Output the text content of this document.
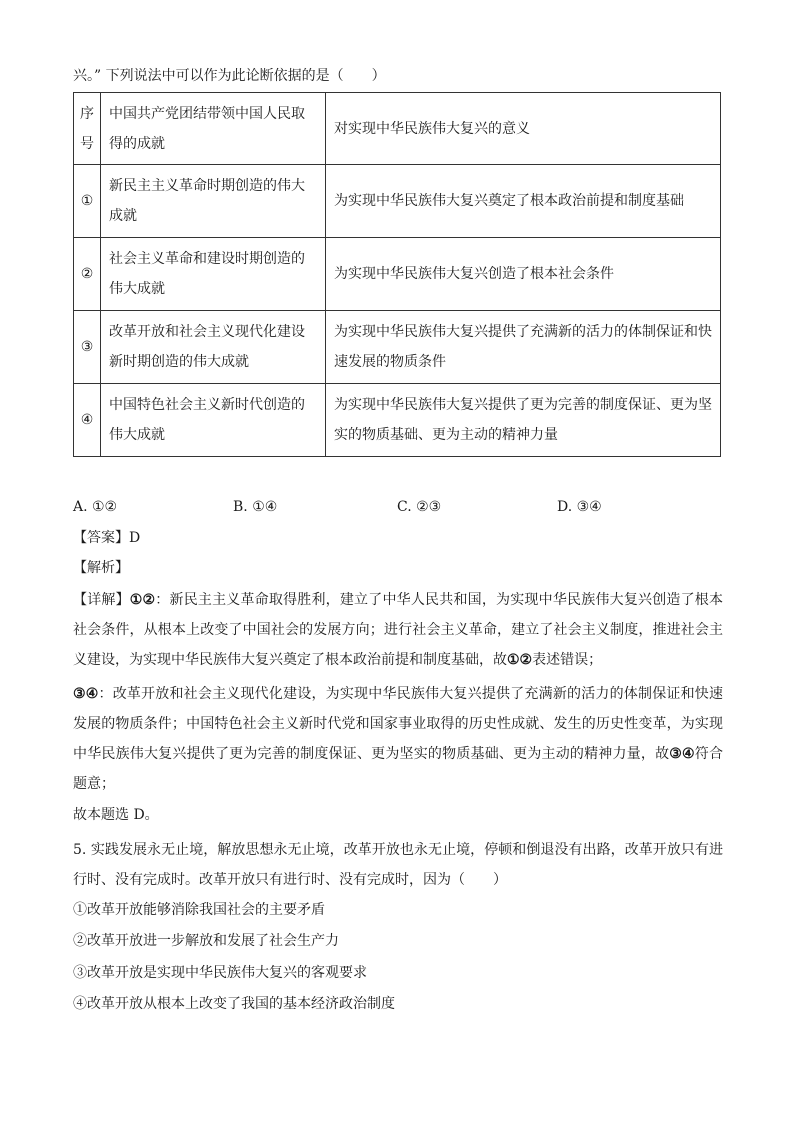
兴。” 下列说法中可以作为此论断依据的是（　　）
序号	中国共产党团结带领中国人民取得的成就	对实现中华民族伟大复兴的意义
①	新民主主义革命时期创造的伟大成就	为实现中华民族伟大复兴奠定了根本政治前提和制度基础
②	社会主义革命和建设时期创造的伟大成就	为实现中华民族伟大复兴创造了根本社会条件
③	改革开放和社会主义现代化建设新时期创造的伟大成就	为实现中华民族伟大复兴提供了充满新的活力的体制保证和快速发展的物质条件
④	中国特色社会主义新时代创造的伟大成就	为实现中华民族伟大复兴提供了更为完善的制度保证、更为坚实的物质基础、更为主动的精神力量
A. ①②	B. ①④	C. ②③	D. ③④
【答案】D
【解析】
【详解】①②：新民主主义革命取得胜利，建立了中华人民共和国，为实现中华民族伟大复兴创造了根本社会条件，从根本上改变了中国社会的发展方向；进行社会主义革命，建立了社会主义制度，推进社会主义建设，为实现中华民族伟大复兴奠定了根本政治前提和制度基础，故①②表述错误；
③④：改革开放和社会主义现代化建设，为实现中华民族伟大复兴提供了充满新的活力的体制保证和快速发展的物质条件；中国特色社会主义新时代党和国家事业取得的历史性成就、发生的历史性变革，为实现中华民族伟大复兴提供了更为完善的制度保证、更为坚实的物质基础、更为主动的精神力量，故③④符合题意；
故本题选 D。
5. 实践发展永无止境，解放思想永无止境，改革开放也永无止境，停顿和倒退没有出路，改革开放只有进行时、没有完成时。改革开放只有进行时、没有完成时，因为（　　）
①改革开放能够消除我国社会的主要矛盾
②改革开放进一步解放和发展了社会生产力
③改革开放是实现中华民族伟大复兴的客观要求
④改革开放从根本上改变了我国的基本经济政治制度
